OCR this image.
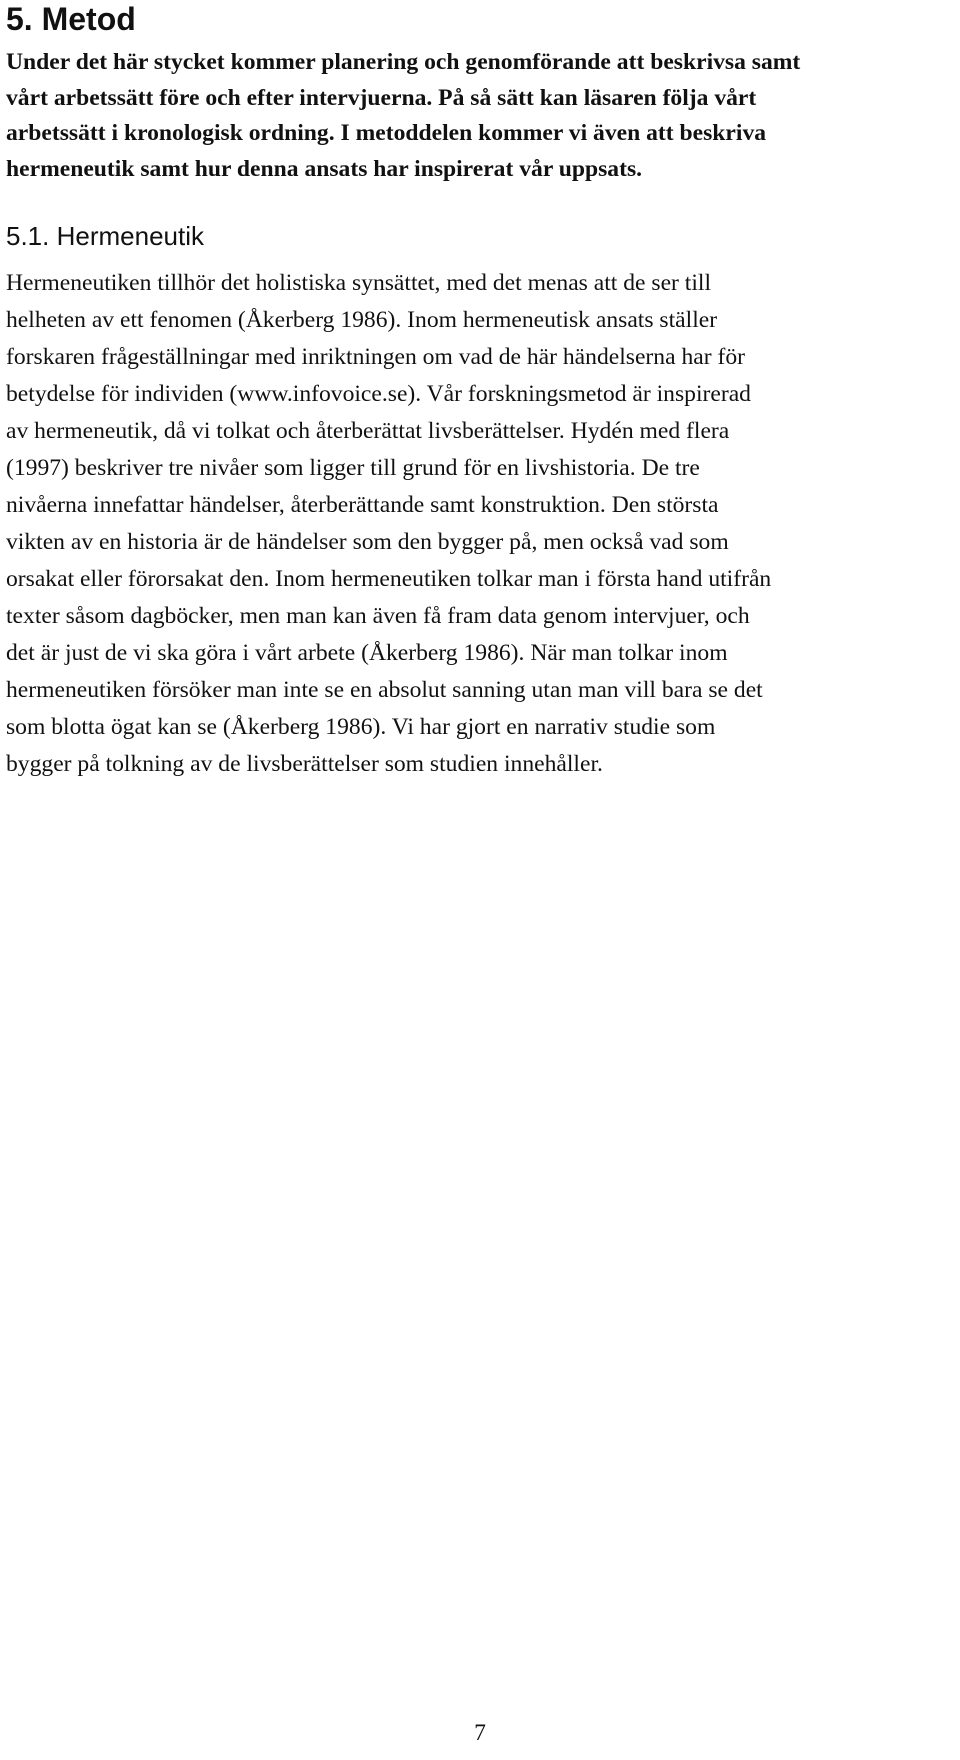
5. Metod

Under det här stycket kommer planering och genomförande att beskrivsa samt
vårt arbetssätt före och efter intervjuerna. På så sätt kan läsaren följa vårt
arbetssätt i kronologisk ordning. I metoddelen kommer vi även att beskriva
hermeneutik samt hur denna ansats har inspirerat vår uppsats.

5.1. Hermeneutik

Hermeneutiken tillhör det holistiska synsättet, med det menas att de ser till
helheten av ett fenomen (Åkerberg 1986). Inom hermeneutisk ansats ställer
forskaren frågeställningar med inriktningen om vad de här händelserna har för
betydelse för individen (www.infovoice.se). Vår forskningsmetod är inspirerad
av hermeneutik, då vi tolkat och återberättat livsberättelser. Hydén med flera
(1997) beskriver tre nivåer som ligger till grund för en livshistoria. De tre
nivåerna innefattar händelser, återberättande samt konstruktion. Den största
vikten av en historia är de händelser som den bygger på, men också vad som
orsakat eller förorsakat den. Inom hermeneutiken tolkar man i första hand utifrån
texter såsom dagböcker, men man kan även få fram data genom intervjuer, och
det är just de vi ska göra i vårt arbete (Åkerberg 1986). När man tolkar inom
hermeneutiken försöker man inte se en absolut sanning utan man vill bara se det
som blotta ögat kan se (Åkerberg 1986). Vi har gjort en narrativ studie som
bygger på tolkning av de livsberättelser som studien innehåller.

7
